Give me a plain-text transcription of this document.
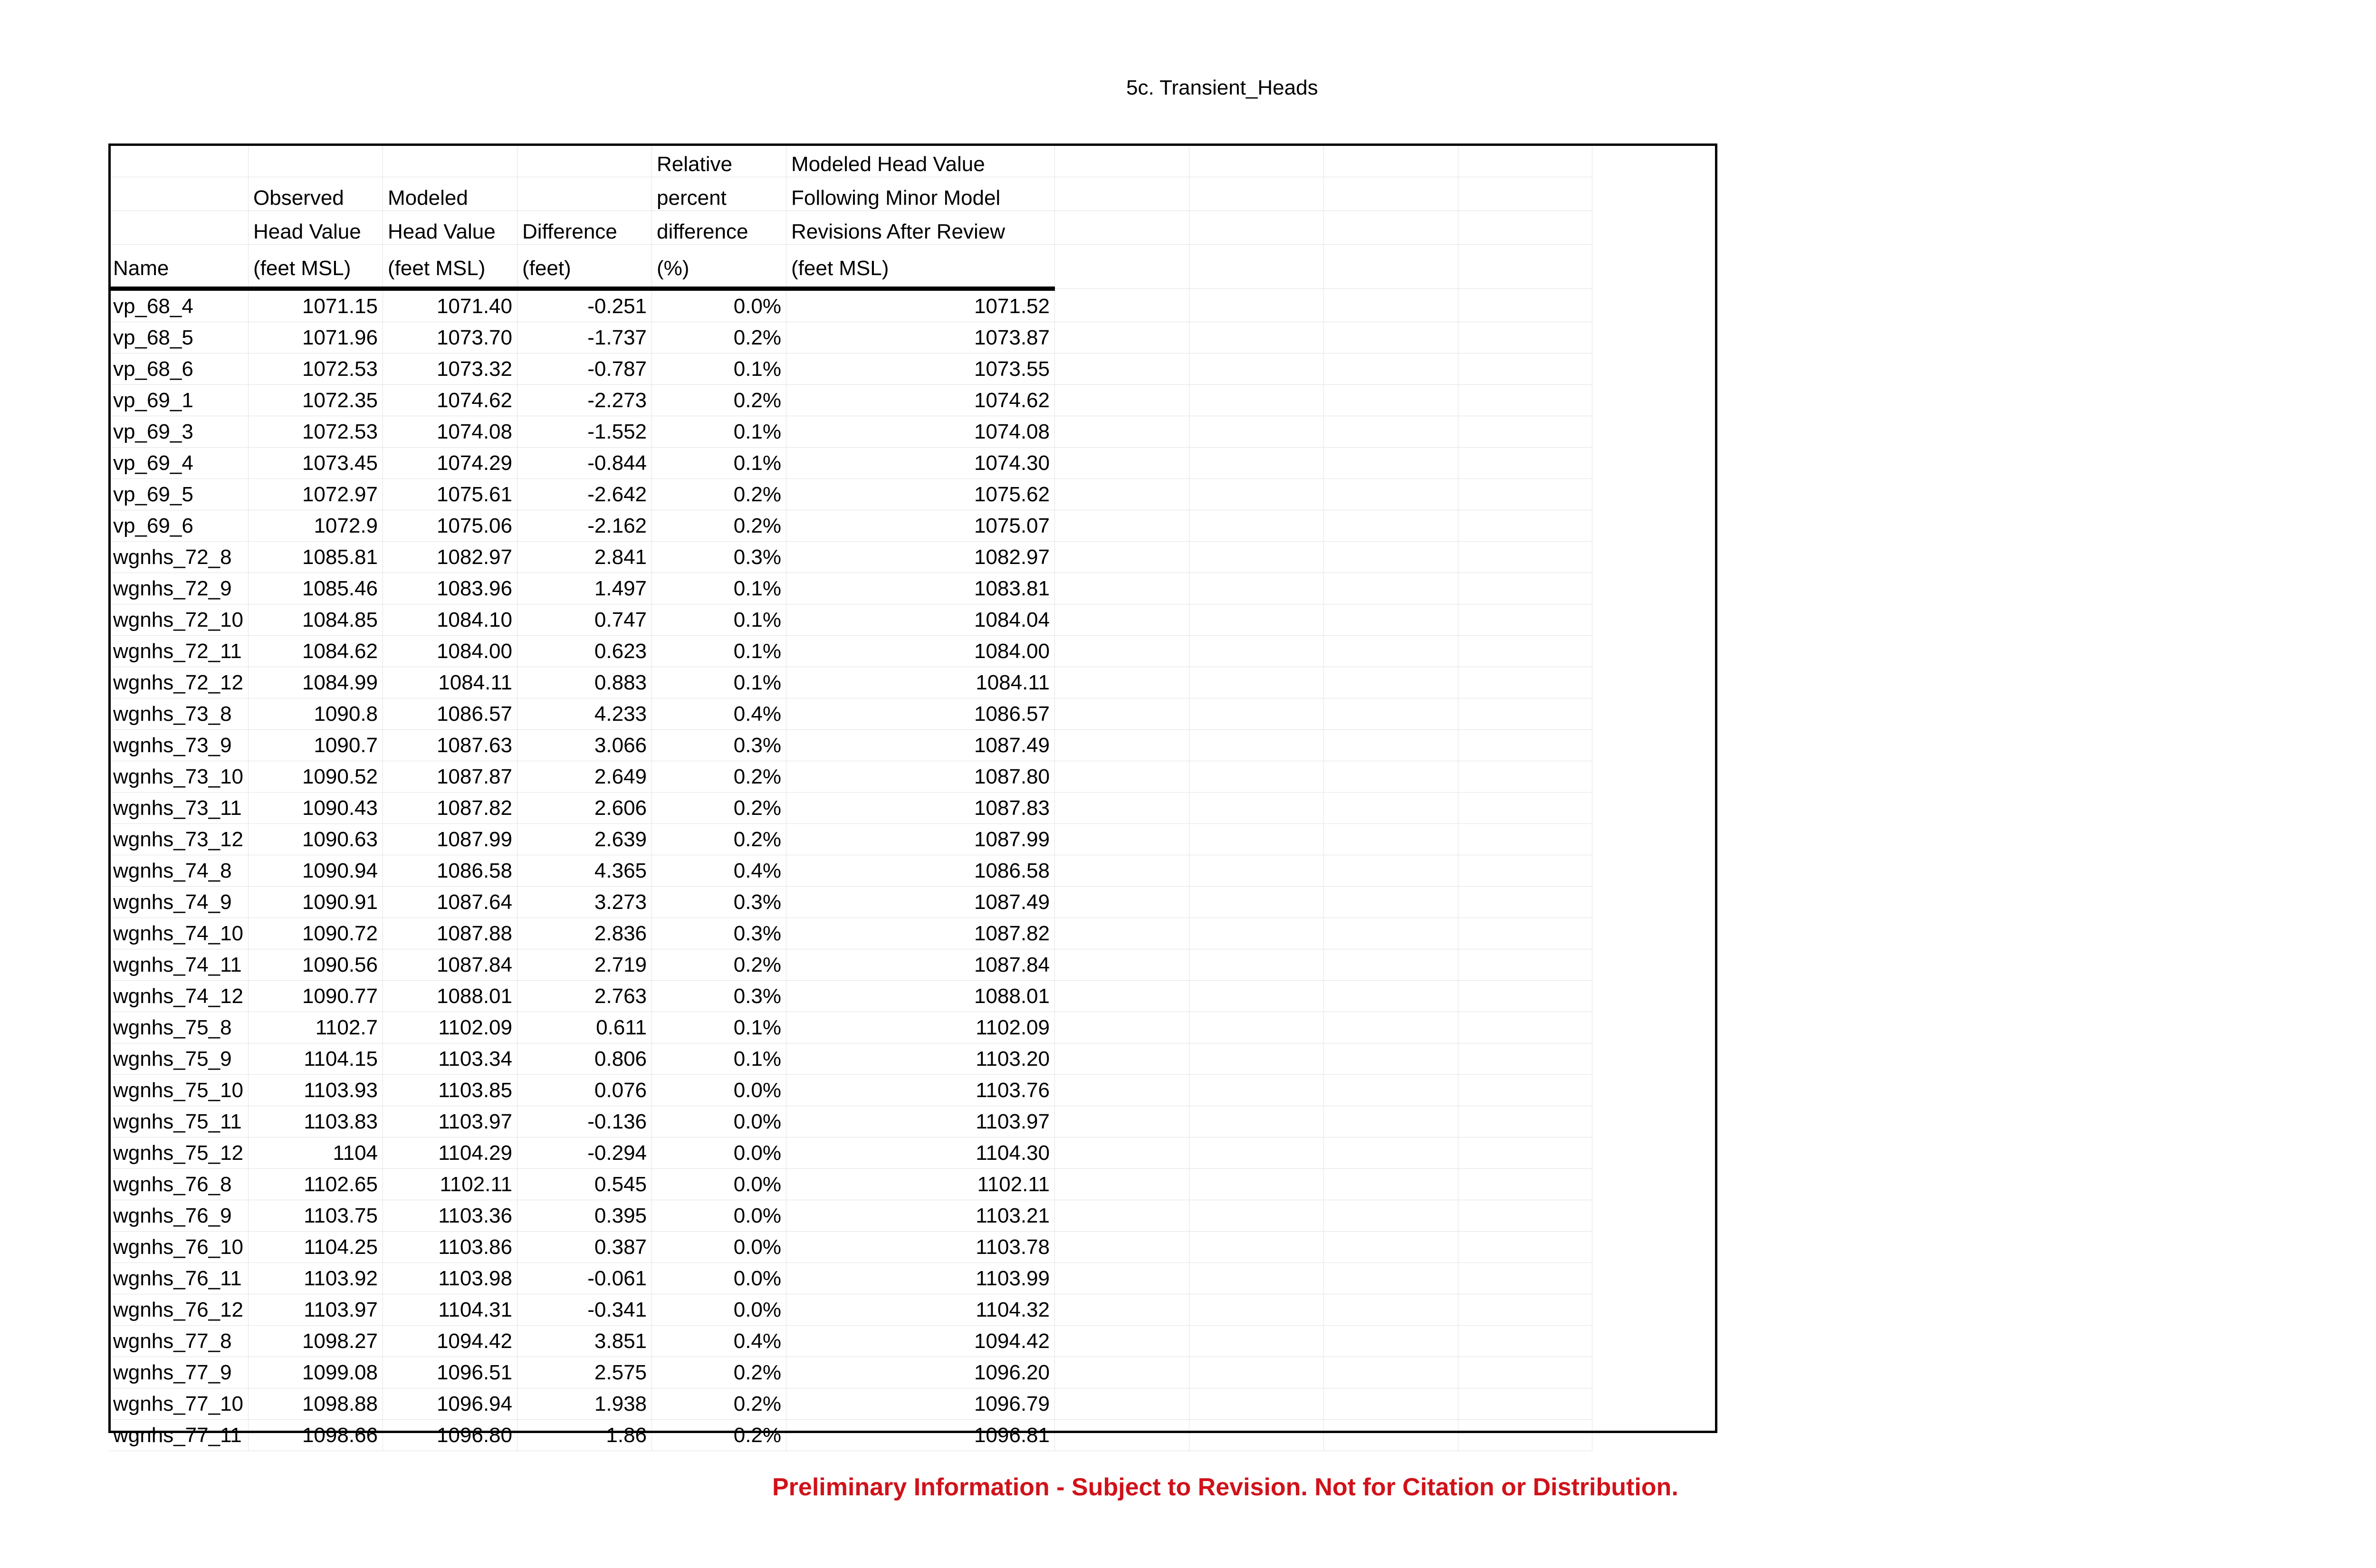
5c. Transient_Heads
				Relative	Modeled Head Value				
	Observed	Modeled		percent	Following Minor Model				
	Head Value	Head Value	Difference	difference	Revisions After Review				
Name	(feet MSL)	(feet MSL)	(feet)	(%)	(feet MSL)				
vp_68_4	1071.15	1071.40	-0.251	0.0%	1071.52				
vp_68_5	1071.96	1073.70	-1.737	0.2%	1073.87				
vp_68_6	1072.53	1073.32	-0.787	0.1%	1073.55				
vp_69_1	1072.35	1074.62	-2.273	0.2%	1074.62				
vp_69_3	1072.53	1074.08	-1.552	0.1%	1074.08				
vp_69_4	1073.45	1074.29	-0.844	0.1%	1074.30				
vp_69_5	1072.97	1075.61	-2.642	0.2%	1075.62				
vp_69_6	1072.9	1075.06	-2.162	0.2%	1075.07				
wgnhs_72_8	1085.81	1082.97	2.841	0.3%	1082.97				
wgnhs_72_9	1085.46	1083.96	1.497	0.1%	1083.81				
wgnhs_72_10	1084.85	1084.10	0.747	0.1%	1084.04				
wgnhs_72_11	1084.62	1084.00	0.623	0.1%	1084.00				
wgnhs_72_12	1084.99	1084.11	0.883	0.1%	1084.11				
wgnhs_73_8	1090.8	1086.57	4.233	0.4%	1086.57				
wgnhs_73_9	1090.7	1087.63	3.066	0.3%	1087.49				
wgnhs_73_10	1090.52	1087.87	2.649	0.2%	1087.80				
wgnhs_73_11	1090.43	1087.82	2.606	0.2%	1087.83				
wgnhs_73_12	1090.63	1087.99	2.639	0.2%	1087.99				
wgnhs_74_8	1090.94	1086.58	4.365	0.4%	1086.58				
wgnhs_74_9	1090.91	1087.64	3.273	0.3%	1087.49				
wgnhs_74_10	1090.72	1087.88	2.836	0.3%	1087.82				
wgnhs_74_11	1090.56	1087.84	2.719	0.2%	1087.84				
wgnhs_74_12	1090.77	1088.01	2.763	0.3%	1088.01				
wgnhs_75_8	1102.7	1102.09	0.611	0.1%	1102.09				
wgnhs_75_9	1104.15	1103.34	0.806	0.1%	1103.20				
wgnhs_75_10	1103.93	1103.85	0.076	0.0%	1103.76				
wgnhs_75_11	1103.83	1103.97	-0.136	0.0%	1103.97				
wgnhs_75_12	1104	1104.29	-0.294	0.0%	1104.30				
wgnhs_76_8	1102.65	1102.11	0.545	0.0%	1102.11				
wgnhs_76_9	1103.75	1103.36	0.395	0.0%	1103.21				
wgnhs_76_10	1104.25	1103.86	0.387	0.0%	1103.78				
wgnhs_76_11	1103.92	1103.98	-0.061	0.0%	1103.99				
wgnhs_76_12	1103.97	1104.31	-0.341	0.0%	1104.32				
wgnhs_77_8	1098.27	1094.42	3.851	0.4%	1094.42				
wgnhs_77_9	1099.08	1096.51	2.575	0.2%	1096.20				
wgnhs_77_10	1098.88	1096.94	1.938	0.2%	1096.79				
wgnhs_77_11	1098.66	1096.80	1.86	0.2%	1096.81				
Preliminary Information - Subject to Revision. Not for Citation or Distribution.
